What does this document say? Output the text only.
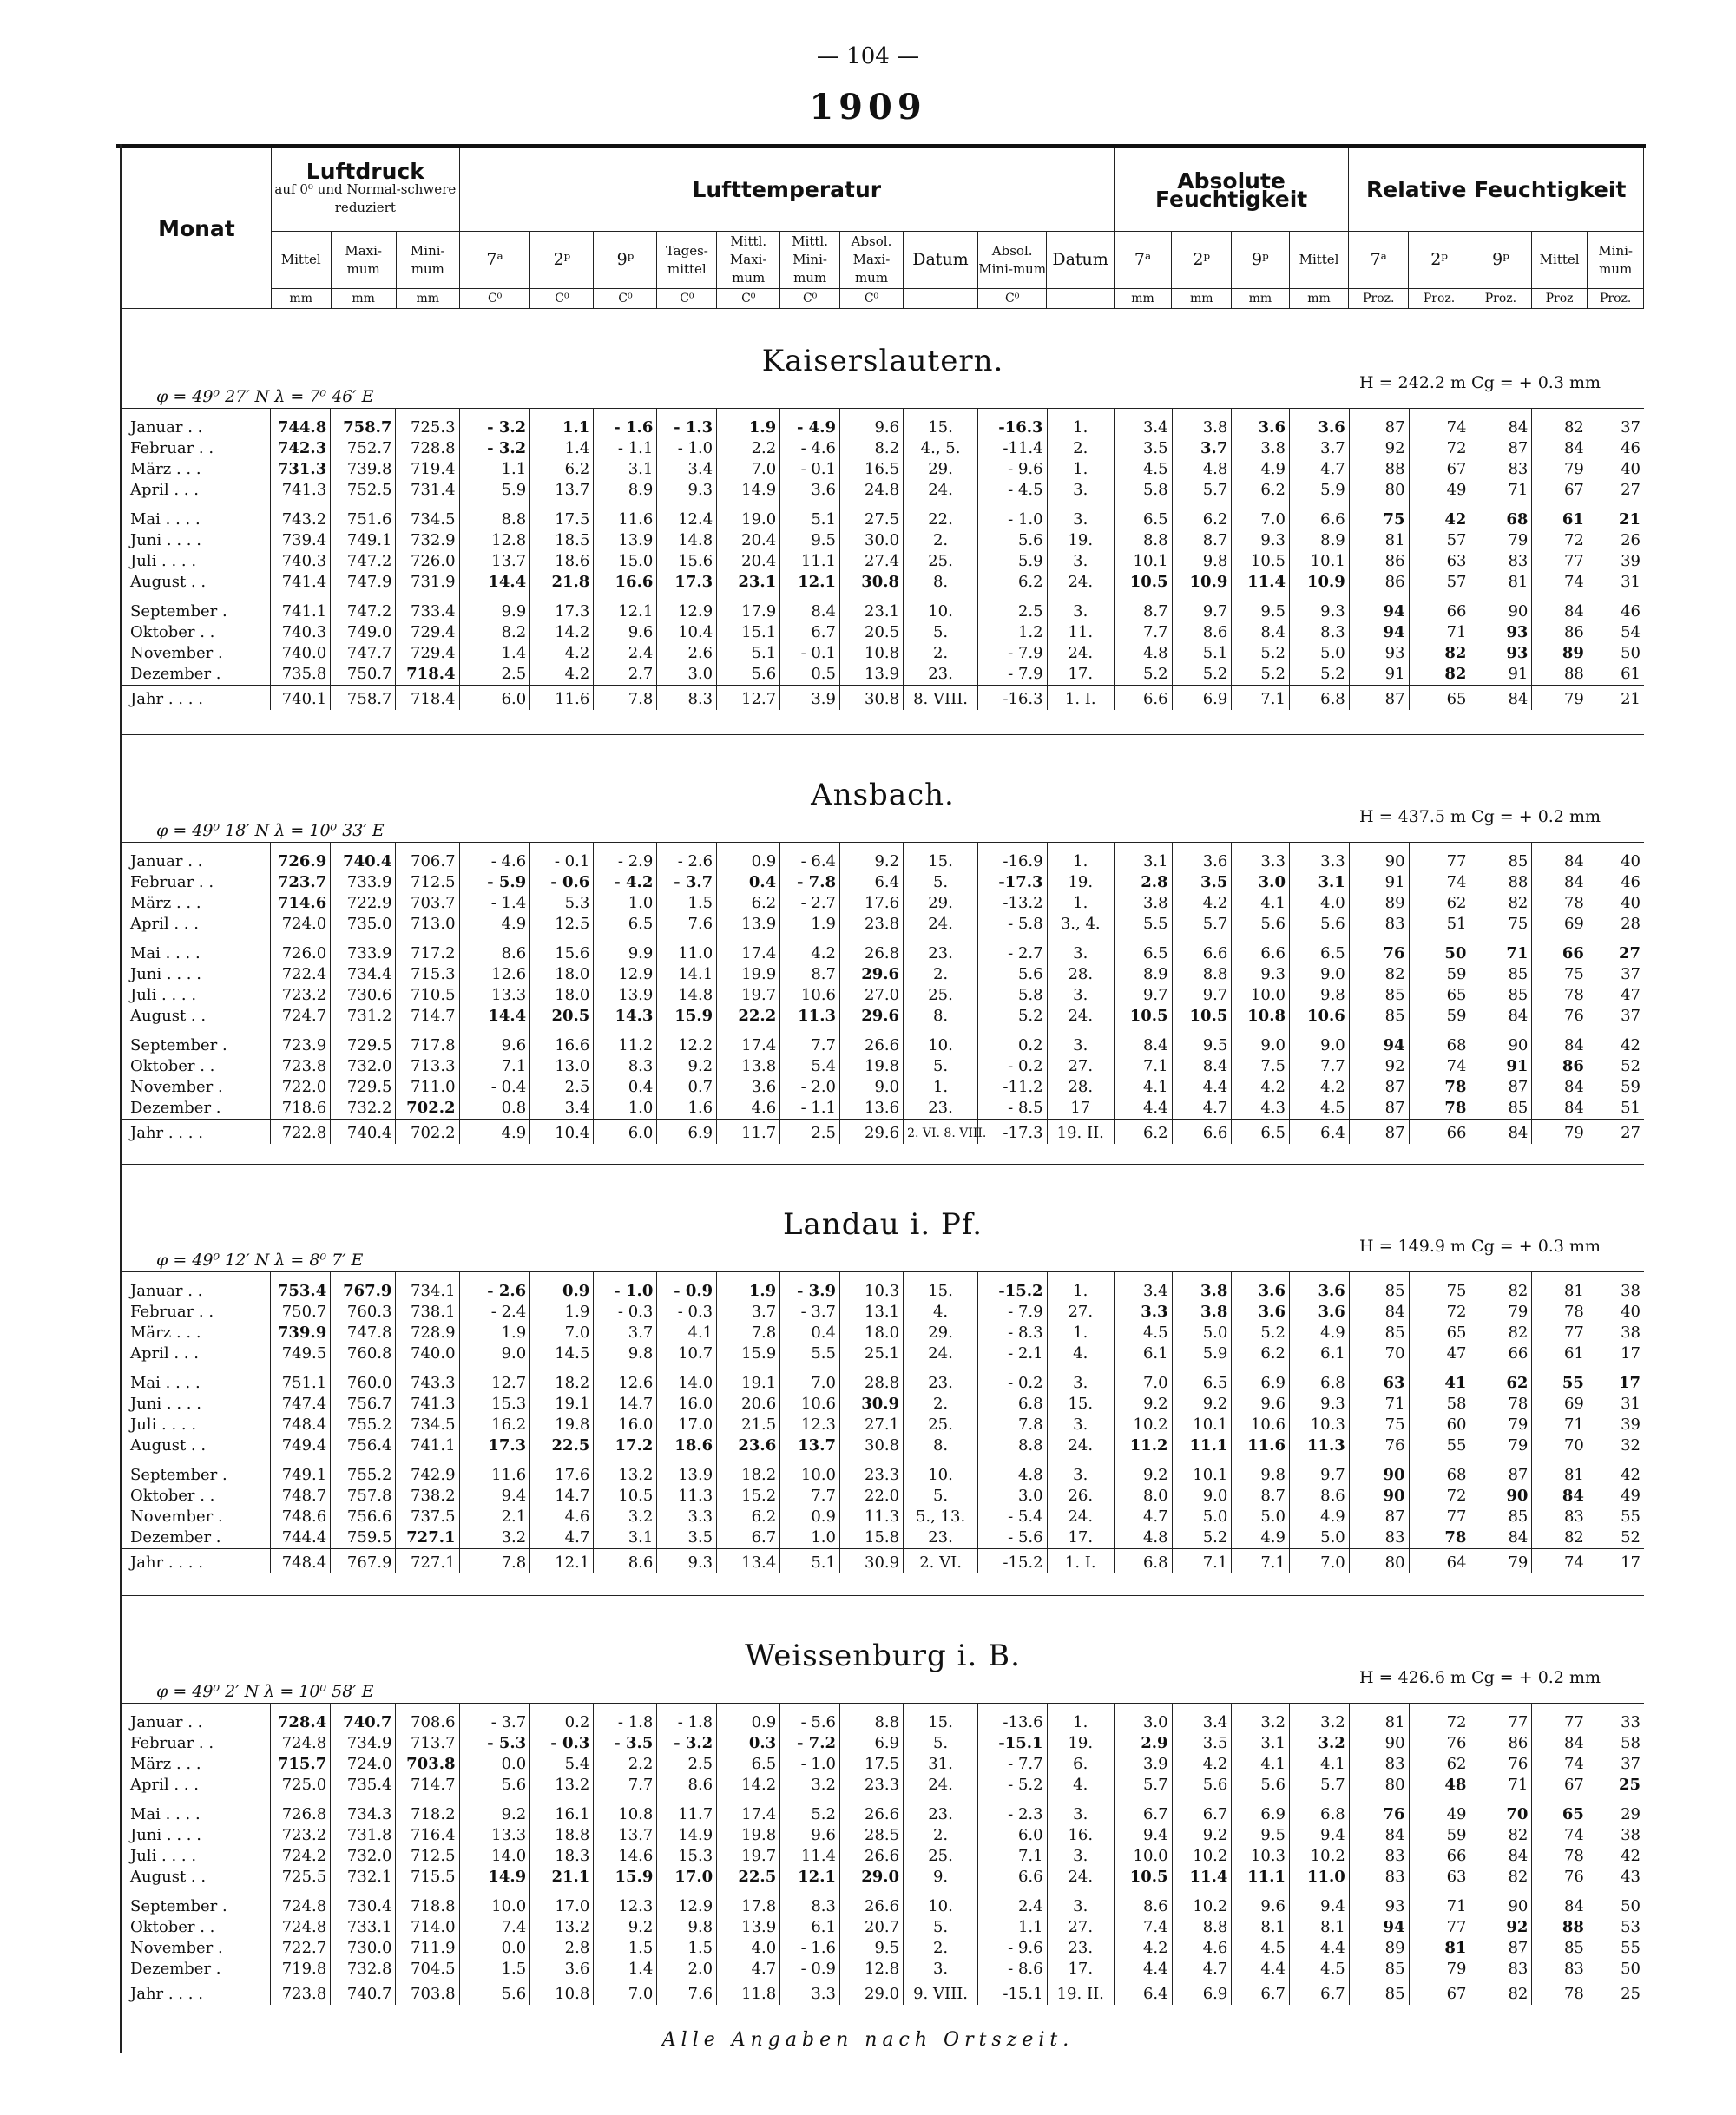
— 104 —
1909
Monat	Luftdruck
auf 0⁰ und Normal-schwere reduziert			Lufttemperatur										Absolute Feuchtigkeit				Relative Feuchtigkeit				
	Mittel	Maxi-mum	Mini-mum	7ᵃ	2ᵖ	9ᵖ	Tages-mittel	Mittl. Maxi-mum	Mittl. Mini-mum	Absol. Maxi-mum	Datum	Absol. Mini-mum	Datum	7ᵃ	2ᵖ	9ᵖ	Mittel	7ᵃ	2ᵖ	9ᵖ	Mittel	Mini-mum
	mm	mm	mm	C⁰	C⁰	C⁰	C⁰	C⁰	C⁰	C⁰		C⁰		mm	mm	mm	mm	Proz.	Proz.	Proz.	Proz	Proz.
Kaiserslautern.
φ = 49⁰ 27′ N λ = 7⁰ 46′ E
H = 242.2 m Cg = + 0.3 mm
Januar . .	744.8	758.7	725.3	- 3.2	1.1	- 1.6	- 1.3	1.9	- 4.9	9.6	15.	-16.3	1.	3.4	3.8	3.6	3.6	87	74	84	82	37
Februar . .	742.3	752.7	728.8	- 3.2	1.4	- 1.1	- 1.0	2.2	- 4.6	8.2	4., 5.	-11.4	2.	3.5	3.7	3.8	3.7	92	72	87	84	46
März . . .	731.3	739.8	719.4	1.1	6.2	3.1	3.4	7.0	- 0.1	16.5	29.	- 9.6	1.	4.5	4.8	4.9	4.7	88	67	83	79	40
April . . .	741.3	752.5	731.4	5.9	13.7	8.9	9.3	14.9	3.6	24.8	24.	- 4.5	3.	5.8	5.7	6.2	5.9	80	49	71	67	27
Mai . . . .	743.2	751.6	734.5	8.8	17.5	11.6	12.4	19.0	5.1	27.5	22.	- 1.0	3.	6.5	6.2	7.0	6.6	75	42	68	61	21
Juni . . . .	739.4	749.1	732.9	12.8	18.5	13.9	14.8	20.4	9.5	30.0	2.	5.6	19.	8.8	8.7	9.3	8.9	81	57	79	72	26
Juli . . . .	740.3	747.2	726.0	13.7	18.6	15.0	15.6	20.4	11.1	27.4	25.	5.9	3.	10.1	9.8	10.5	10.1	86	63	83	77	39
August . .	741.4	747.9	731.9	14.4	21.8	16.6	17.3	23.1	12.1	30.8	8.	6.2	24.	10.5	10.9	11.4	10.9	86	57	81	74	31
September .	741.1	747.2	733.4	9.9	17.3	12.1	12.9	17.9	8.4	23.1	10.	2.5	3.	8.7	9.7	9.5	9.3	94	66	90	84	46
Oktober . .	740.3	749.0	729.4	8.2	14.2	9.6	10.4	15.1	6.7	20.5	5.	1.2	11.	7.7	8.6	8.4	8.3	94	71	93	86	54
November .	740.0	747.7	729.4	1.4	4.2	2.4	2.6	5.1	- 0.1	10.8	2.	- 7.9	24.	4.8	5.1	5.2	5.0	93	82	93	89	50
Dezember .	735.8	750.7	718.4	2.5	4.2	2.7	3.0	5.6	0.5	13.9	23.	- 7.9	17.	5.2	5.2	5.2	5.2	91	82	91	88	61
Jahr . . . .	740.1	758.7	718.4	6.0	11.6	7.8	8.3	12.7	3.9	30.8	8. VIII.	-16.3	1. I.	6.6	6.9	7.1	6.8	87	65	84	79	21
Ansbach.
φ = 49⁰ 18′ N λ = 10⁰ 33′ E
H = 437.5 m Cg = + 0.2 mm
Januar . .	726.9	740.4	706.7	- 4.6	- 0.1	- 2.9	- 2.6	0.9	- 6.4	9.2	15.	-16.9	1.	3.1	3.6	3.3	3.3	90	77	85	84	40
Februar . .	723.7	733.9	712.5	- 5.9	- 0.6	- 4.2	- 3.7	0.4	- 7.8	6.4	5.	-17.3	19.	2.8	3.5	3.0	3.1	91	74	88	84	46
März . . .	714.6	722.9	703.7	- 1.4	5.3	1.0	1.5	6.2	- 2.7	17.6	29.	-13.2	1.	3.8	4.2	4.1	4.0	89	62	82	78	40
April . . .	724.0	735.0	713.0	4.9	12.5	6.5	7.6	13.9	1.9	23.8	24.	- 5.8	3., 4.	5.5	5.7	5.6	5.6	83	51	75	69	28
Mai . . . .	726.0	733.9	717.2	8.6	15.6	9.9	11.0	17.4	4.2	26.8	23.	- 2.7	3.	6.5	6.6	6.6	6.5	76	50	71	66	27
Juni . . . .	722.4	734.4	715.3	12.6	18.0	12.9	14.1	19.9	8.7	29.6	2.	5.6	28.	8.9	8.8	9.3	9.0	82	59	85	75	37
Juli . . . .	723.2	730.6	710.5	13.3	18.0	13.9	14.8	19.7	10.6	27.0	25.	5.8	3.	9.7	9.7	10.0	9.8	85	65	85	78	47
August . .	724.7	731.2	714.7	14.4	20.5	14.3	15.9	22.2	11.3	29.6	8.	5.2	24.	10.5	10.5	10.8	10.6	85	59	84	76	37
September .	723.9	729.5	717.8	9.6	16.6	11.2	12.2	17.4	7.7	26.6	10.	0.2	3.	8.4	9.5	9.0	9.0	94	68	90	84	42
Oktober . .	723.8	732.0	713.3	7.1	13.0	8.3	9.2	13.8	5.4	19.8	5.	- 0.2	27.	7.1	8.4	7.5	7.7	92	74	91	86	52
November .	722.0	729.5	711.0	- 0.4	2.5	0.4	0.7	3.6	- 2.0	9.0	1.	-11.2	28.	4.1	4.4	4.2	4.2	87	78	87	84	59
Dezember .	718.6	732.2	702.2	0.8	3.4	1.0	1.6	4.6	- 1.1	13.6	23.	- 8.5	17	4.4	4.7	4.3	4.5	87	78	85	84	51
Jahr . . . .	722.8	740.4	702.2	4.9	10.4	6.0	6.9	11.7	2.5	29.6	2. VI. 8. VIII.	-17.3	19. II.	6.2	6.6	6.5	6.4	87	66	84	79	27
Landau i. Pf.
φ = 49⁰ 12′ N λ = 8⁰ 7′ E
H = 149.9 m Cg = + 0.3 mm
Januar . .	753.4	767.9	734.1	- 2.6	0.9	- 1.0	- 0.9	1.9	- 3.9	10.3	15.	-15.2	1.	3.4	3.8	3.6	3.6	85	75	82	81	38
Februar . .	750.7	760.3	738.1	- 2.4	1.9	- 0.3	- 0.3	3.7	- 3.7	13.1	4.	- 7.9	27.	3.3	3.8	3.6	3.6	84	72	79	78	40
März . . .	739.9	747.8	728.9	1.9	7.0	3.7	4.1	7.8	0.4	18.0	29.	- 8.3	1.	4.5	5.0	5.2	4.9	85	65	82	77	38
April . . .	749.5	760.8	740.0	9.0	14.5	9.8	10.7	15.9	5.5	25.1	24.	- 2.1	4.	6.1	5.9	6.2	6.1	70	47	66	61	17
Mai . . . .	751.1	760.0	743.3	12.7	18.2	12.6	14.0	19.1	7.0	28.8	23.	- 0.2	3.	7.0	6.5	6.9	6.8	63	41	62	55	17
Juni . . . .	747.4	756.7	741.3	15.3	19.1	14.7	16.0	20.6	10.6	30.9	2.	6.8	15.	9.2	9.2	9.6	9.3	71	58	78	69	31
Juli . . . .	748.4	755.2	734.5	16.2	19.8	16.0	17.0	21.5	12.3	27.1	25.	7.8	3.	10.2	10.1	10.6	10.3	75	60	79	71	39
August . .	749.4	756.4	741.1	17.3	22.5	17.2	18.6	23.6	13.7	30.8	8.	8.8	24.	11.2	11.1	11.6	11.3	76	55	79	70	32
September .	749.1	755.2	742.9	11.6	17.6	13.2	13.9	18.2	10.0	23.3	10.	4.8	3.	9.2	10.1	9.8	9.7	90	68	87	81	42
Oktober . .	748.7	757.8	738.2	9.4	14.7	10.5	11.3	15.2	7.7	22.0	5.	3.0	26.	8.0	9.0	8.7	8.6	90	72	90	84	49
November .	748.6	756.6	737.5	2.1	4.6	3.2	3.3	6.2	0.9	11.3	5., 13.	- 5.4	24.	4.7	5.0	5.0	4.9	87	77	85	83	55
Dezember .	744.4	759.5	727.1	3.2	4.7	3.1	3.5	6.7	1.0	15.8	23.	- 5.6	17.	4.8	5.2	4.9	5.0	83	78	84	82	52
Jahr . . . .	748.4	767.9	727.1	7.8	12.1	8.6	9.3	13.4	5.1	30.9	2. VI.	-15.2	1. I.	6.8	7.1	7.1	7.0	80	64	79	74	17
Weissenburg i. B.
φ = 49⁰ 2′ N λ = 10⁰ 58′ E
H = 426.6 m Cg = + 0.2 mm
Januar . .	728.4	740.7	708.6	- 3.7	0.2	- 1.8	- 1.8	0.9	- 5.6	8.8	15.	-13.6	1.	3.0	3.4	3.2	3.2	81	72	77	77	33
Februar . .	724.8	734.9	713.7	- 5.3	- 0.3	- 3.5	- 3.2	0.3	- 7.2	6.9	5.	-15.1	19.	2.9	3.5	3.1	3.2	90	76	86	84	58
März . . .	715.7	724.0	703.8	0.0	5.4	2.2	2.5	6.5	- 1.0	17.5	31.	- 7.7	6.	3.9	4.2	4.1	4.1	83	62	76	74	37
April . . .	725.0	735.4	714.7	5.6	13.2	7.7	8.6	14.2	3.2	23.3	24.	- 5.2	4.	5.7	5.6	5.6	5.7	80	48	71	67	25
Mai . . . .	726.8	734.3	718.2	9.2	16.1	10.8	11.7	17.4	5.2	26.6	23.	- 2.3	3.	6.7	6.7	6.9	6.8	76	49	70	65	29
Juni . . . .	723.2	731.8	716.4	13.3	18.8	13.7	14.9	19.8	9.6	28.5	2.	6.0	16.	9.4	9.2	9.5	9.4	84	59	82	74	38
Juli . . . .	724.2	732.0	712.5	14.0	18.3	14.6	15.3	19.7	11.4	26.6	25.	7.1	3.	10.0	10.2	10.3	10.2	83	66	84	78	42
August . .	725.5	732.1	715.5	14.9	21.1	15.9	17.0	22.5	12.1	29.0	9.	6.6	24.	10.5	11.4	11.1	11.0	83	63	82	76	43
September .	724.8	730.4	718.8	10.0	17.0	12.3	12.9	17.8	8.3	26.6	10.	2.4	3.	8.6	10.2	9.6	9.4	93	71	90	84	50
Oktober . .	724.8	733.1	714.0	7.4	13.2	9.2	9.8	13.9	6.1	20.7	5.	1.1	27.	7.4	8.8	8.1	8.1	94	77	92	88	53
November .	722.7	730.0	711.9	0.0	2.8	1.5	1.5	4.0	- 1.6	9.5	2.	- 9.6	23.	4.2	4.6	4.5	4.4	89	81	87	85	55
Dezember .	719.8	732.8	704.5	1.5	3.6	1.4	2.0	4.7	- 0.9	12.8	3.	- 8.6	17.	4.4	4.7	4.4	4.5	85	79	83	83	50
Jahr . . . .	723.8	740.7	703.8	5.6	10.8	7.0	7.6	11.8	3.3	29.0	9. VIII.	-15.1	19. II.	6.4	6.9	6.7	6.7	85	67	82	78	25
Alle Angaben nach Ortszeit.
